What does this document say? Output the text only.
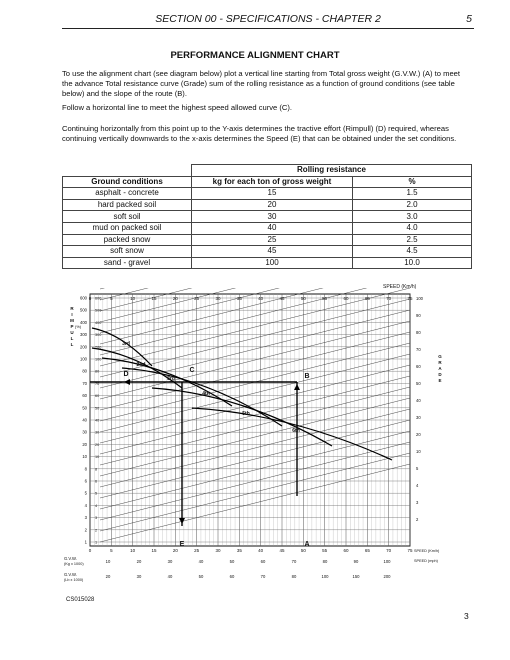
SECTION 00 - SPECIFICATIONS - CHAPTER 2	5
PERFORMANCE ALIGNMENT CHART
To use the alignment chart (see diagram below) plot a vertical line starting from Total gross weight (G.V.W.) (A) to meet the advance Total resistance curve (Grade) sum of the rolling resistance as a function of ground conditions (see table below) and the slope of the route (B).
Follow a horizontal line to meet the highest speed allowed curve (C).
Continuing horizontally from this point up to the Y-axis determines the tractive effort (Rimpull) (D) required, whereas continuing vertically downwards to the x-axis determines the Speed (E) that can be obtained under the set conditions.
	Rolling resistance	
Ground conditions	kg for each ton of gross weight	%
asphalt - concrete	15	1.5
hard packed soil	20	2.0
soft soil	30	3.0
mud on packed soil	40	4.0
packed snow	25	2.5
soft snow	45	4.5
sand - gravel	100	10.0
SPEED (Km/h)
0
0
5
5
10
10
15
15
20
20
25
25
30
30
35
35
40
40
45
45
50
50
55
55
60
60
65
65
70
70
75
75
600 600
500 500
400 400
300 300
200 200
100 100
80 80
70 70
60 60
50 50
40 40
30 30
20 20
10 10
8 8
6 6
5 5
4 4
3 3
2 2
1 1
3rd
2nd
3rd
4th
5th
6th
D
C
B
A
E
R
I
M
P
U
L
L
(%)
G
R
A
D
E
100
90
80
70
60
50
40
30
20
10
5
4
3
2
G.V.W.
(Kg x 1000)
G.V.W.
(Lb x 1000)
10	20	30	40	50	60	70	80	90	100
20	30	40	50	60	70	80	100	150	200
SPEED (Km/h)
SPEED (mph)
CS015028
3
